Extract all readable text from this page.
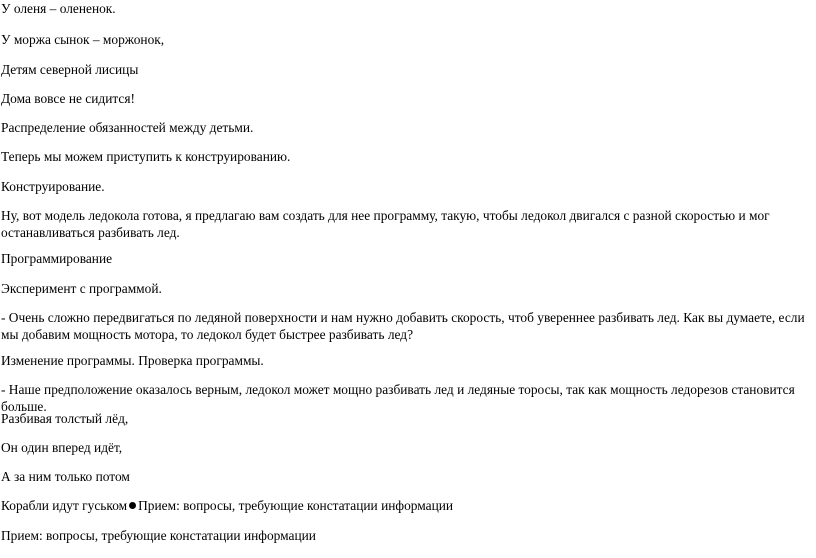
У оленя – олененок.

У моржа сынок – моржонок,

Детям северной лисицы

Дома вовсе не сидится!

Распределение обязанностей между детьми.

Теперь мы можем приступить к конструированию.

Конструирование.

Ну, вот модель ледокола готова, я предлагаю вам создать для нее программу, такую, чтобы ледокол двигался с разной скоростью и мог останавливаться разбивать лед.

Программирование

Эксперимент с программой.

- Очень сложно передвигаться по ледяной поверхности и нам нужно добавить скорость, чтоб увереннее разбивать лед. Как вы думаете, если мы добавим мощность мотора, то ледокол будет быстрее разбивать лед?

Изменение программы. Проверка программы.

- Наше предположение оказалось верным, ледокол может мощно разбивать лед и ледяные торосы, так как мощность ледорезов становится больше.

Разбивая толстый лёд,

Он один вперед идёт,

А за ним только потом

Корабли идут гуськом Прием: вопросы, требующие констатации информации

Прием: вопросы, требующие констатации информации
